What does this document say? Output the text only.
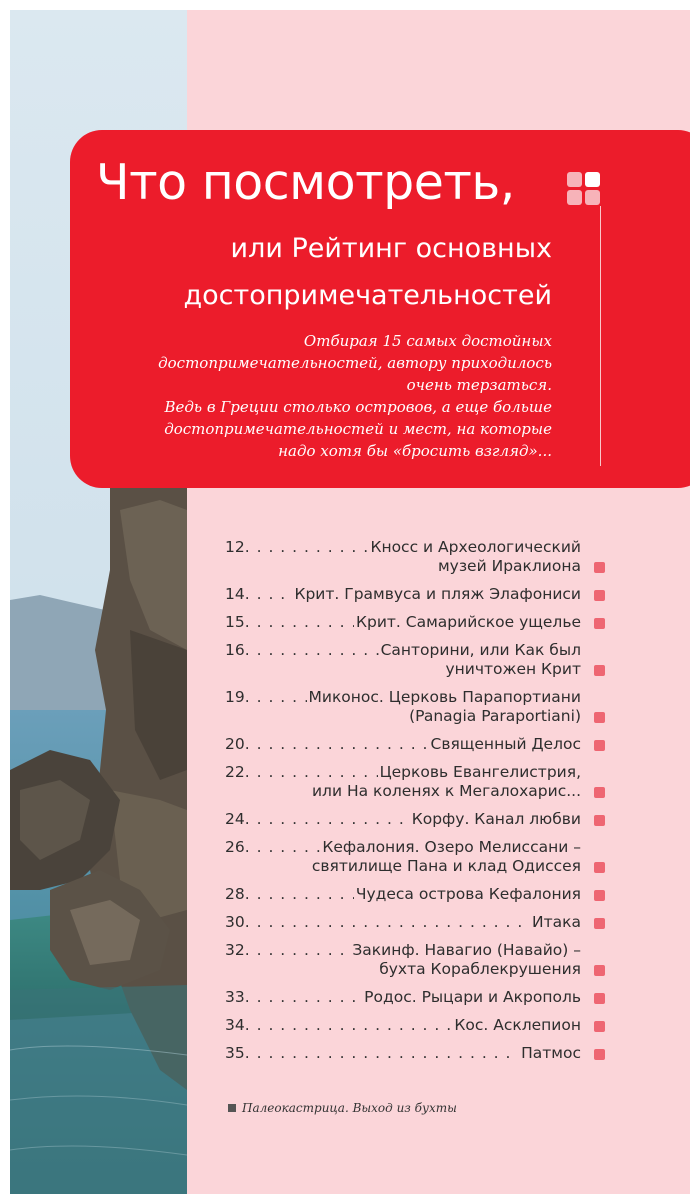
Что посмотреть,
или Рейтинг основных
достопримечательностей
Отбирая 15 самых достойных
достопримечательностей, автору приходилось
очень терзаться.
Ведь в Греции столько островов, а еще больше
достопримечательностей и мест, на которые
надо хотя бы «бросить взгляд»...
12 . . .	Кносс и Археологический
музей Ираклиона
14 . . .	Крит. Грамвуса и пляж Элафониси
15 . . .	Крит. Самарийское ущелье
16 . . .	Санторини, или Как был
уничтожен Крит
19 . . .	Миконос. Церковь Парапортиани
(Panagia Paraportiani)
20 . . .	Священный Делос
22 . . .	Церковь Евангелистрия,
или На коленях к Мегалохарис...
24 . . .	Корфу. Канал любви
26 . . .	Кефалония. Озеро Мелиссани –
святилище Пана и клад Одиссея
28 . . .	Чудеса острова Кефалония
30 . . .	Итака
32 . . .	Закинф. Навагио (Навайо) –
бухта Кораблекрушения
33 . . .	Родос. Рыцари и Акрополь
34 . . .	Кос. Асклепион
35 . . .	Патмос
Палеокастрица. Выход из бухты
